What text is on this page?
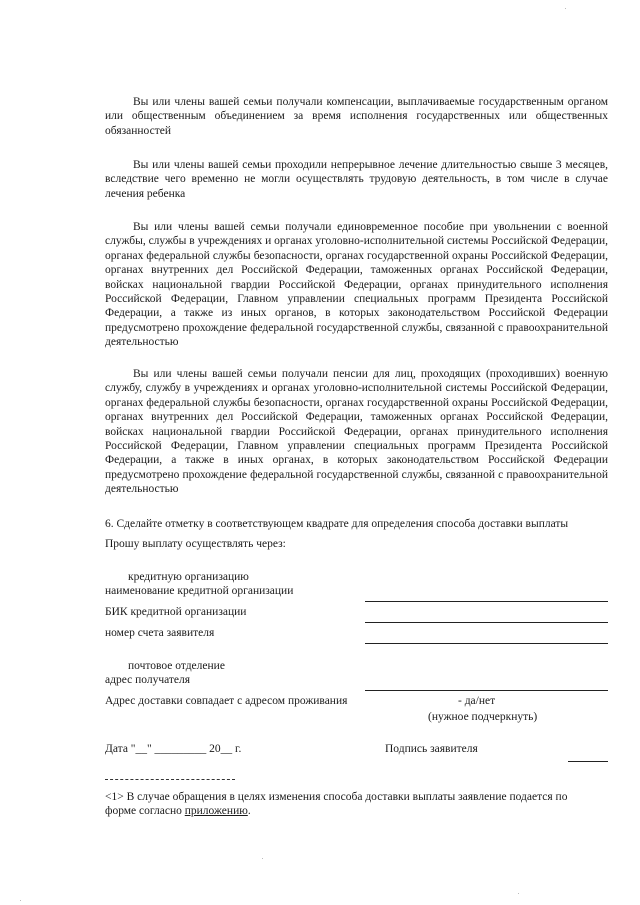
Вы или члены вашей семьи получали компенсации, выплачиваемые государственным органом или общественным объединением за время исполнения государственных или общественных обязанностей

Вы или члены вашей семьи проходили непрерывное лечение длительностью свыше 3 месяцев, вследствие чего временно не могли осуществлять трудовую деятельность, в том числе в случае лечения ребенка

Вы или члены вашей семьи получали единовременное пособие при увольнении с военной службы, службы в учреждениях и органах уголовно-исполнительной системы Российской Федерации, органах федеральной службы безопасности, органах государственной охраны Российской Федерации, органах внутренних дел Российской Федерации, таможенных органах Российской Федерации, войсках национальной гвардии Российской Федерации, органах принудительного исполнения Российской Федерации, Главном управлении специальных программ Президента Российской Федерации, а также из иных органов, в которых законодательством Российской Федерации предусмотрено прохождение федеральной государственной службы, связанной с правоохранительной деятельностью

Вы или члены вашей семьи получали пенсии для лиц, проходящих (проходивших) военную службу, службу в учреждениях и органах уголовно-исполнительной системы Российской Федерации, органах федеральной службы безопасности, органах государственной охраны Российской Федерации, органах внутренних дел Российской Федерации, таможенных органах Российской Федерации, войсках национальной гвардии Российской Федерации, органах принудительного исполнения Российской Федерации, Главном управлении специальных программ Президента Российской Федерации, а также в иных органах, в которых законодательством Российской Федерации предусмотрено прохождение федеральной государственной службы, связанной с правоохранительной деятельностью

6. Сделайте отметку в соответствующем квадрате для определения способа доставки выплаты
Прошу выплату осуществлять через:
кредитную организацию
наименование кредитной организации
БИК кредитной организации
номер счета заявителя
почтовое отделение
адрес получателя
Адрес доставки совпадает с адресом проживания	- да/нет
(нужное подчеркнуть)
Дата "__" _________ 20__ г.	Подпись заявителя

<1> В случае обращения в целях изменения способа доставки выплаты заявление подается по форме согласно приложению.
